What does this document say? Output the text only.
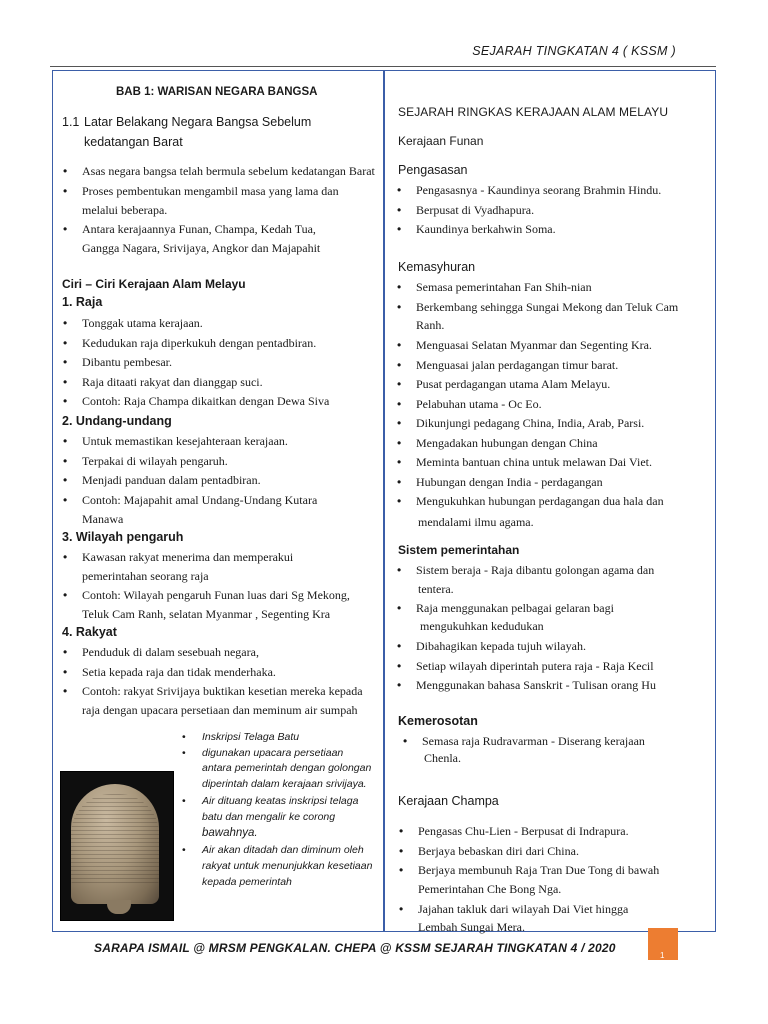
SEJARAH TINGKATAN 4 ( KSSM )
BAB 1: WARISAN NEGARA BANGSA
1.1 Latar Belakang Negara Bangsa Sebelum
kedatangan Barat
• Asas negara bangsa telah bermula sebelum kedatangan Barat
• Proses pembentukan mengambil masa yang lama dan
melalui beberapa.
• Antara kerajaannya Funan, Champa, Kedah Tua,
Gangga Nagara, Srivijaya, Angkor dan Majapahit
Ciri – Ciri Kerajaan Alam Melayu
1. Raja
• Tonggak utama kerajaan.
• Kedudukan raja diperkukuh dengan pentadbiran.
• Dibantu pembesar.
• Raja ditaati rakyat dan dianggap suci.
• Contoh: Raja Champa dikaitkan dengan Dewa Siva
2. Undang-undang
• Untuk memastikan kesejahteraan kerajaan.
• Terpakai di wilayah pengaruh.
• Menjadi panduan dalam pentadbiran.
• Contoh: Majapahit amal Undang-Undang Kutara
Manawa
3. Wilayah pengaruh
• Kawasan rakyat menerima dan memperakui
pemerintahan seorang raja
• Contoh: Wilayah pengaruh Funan luas dari Sg Mekong,
Teluk Cam Ranh, selatan Myanmar , Segenting Kra
4. Rakyat
• Penduduk di dalam sesebuah negara,
• Setia kepada raja dan tidak menderhaka.
• Contoh: rakyat Srivijaya buktikan kesetian mereka kepada
raja dengan upacara persetiaan dan meminum air sumpah
• Inskripsi Telaga Batu
• digunakan upacara persetiaan
antara pemerintah dengan golongan
diperintah dalam kerajaan srivijaya.
• Air dituang keatas inskripsi telaga
batu dan mengalir ke corong
bawahnya.
• Air akan ditadah dan diminum oleh
rakyat untuk menunjukkan kesetiaan
kepada pemerintah
SEJARAH RINGKAS KERAJAAN ALAM MELAYU
Kerajaan Funan
Pengasasan
• Pengasasnya - Kaundinya seorang Brahmin Hindu.
• Berpusat di Vyadhapura.
• Kaundinya berkahwin Soma.
Kemasyhuran
• Semasa pemerintahan Fan Shih-nian
• Berkembang sehingga Sungai Mekong dan Teluk Cam
Ranh.
• Menguasai Selatan Myanmar dan Segenting Kra.
• Menguasai jalan perdagangan timur barat.
• Pusat perdagangan utama Alam Melayu.
• Pelabuhan utama - Oc Eo.
• Dikunjungi pedagang China, India, Arab, Parsi.
• Mengadakan hubungan dengan China
• Meminta bantuan china untuk melawan Dai Viet.
• Hubungan dengan India - perdagangan
• Mengukuhkan hubungan perdagangan dua hala dan
mendalami ilmu agama.
Sistem pemerintahan
• Sistem beraja - Raja dibantu golongan agama dan
tentera.
• Raja menggunakan pelbagai gelaran bagi
mengukuhkan kedudukan
• Dibahagikan kepada tujuh wilayah.
• Setiap wilayah diperintah putera raja - Raja Kecil
• Menggunakan bahasa Sanskrit - Tulisan orang Hu
Kemerosotan
• Semasa raja Rudravarman - Diserang kerajaan
Chenla.
Kerajaan Champa
• Pengasas Chu-Lien - Berpusat di Indrapura.
• Berjaya bebaskan diri dari China.
• Berjaya membunuh Raja Tran Due Tong di bawah
Pemerintahan Che Bong Nga.
• Jajahan takluk dari wilayah Dai Viet hingga
Lembah Sungai Mera.
SARAPA ISMAIL @ MRSM PENGKALAN. CHEPA @ KSSM SEJARAH TINGKATAN 4 / 2020
1
